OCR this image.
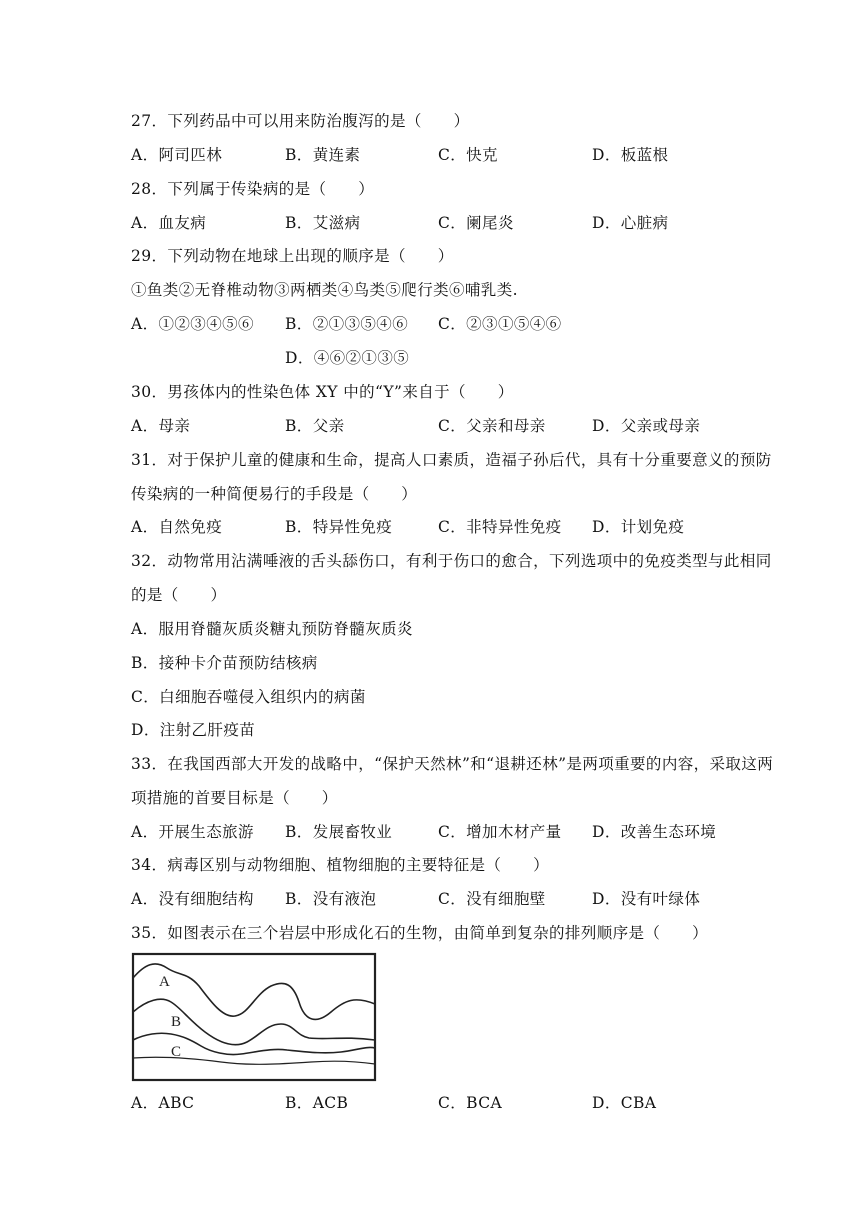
27．下列药品中可以用来防治腹泻的是（　　）
A．阿司匹林	B．黄连素	C．快克	D．板蓝根
28．下列属于传染病的是（　　）
A．血友病	B．艾滋病	C．阑尾炎	D．心脏病
29．下列动物在地球上出现的顺序是（　　）
①鱼类②无脊椎动物③两栖类④鸟类⑤爬行类⑥哺乳类.
A．①②③④⑤⑥ B．②①③⑤④⑥ C．②③①⑤④⑥
D．④⑥②①③⑤
30．男孩体内的性染色体 XY 中的“Y”来自于（　　）
A．母亲	B．父亲	C．父亲和母亲	D．父亲或母亲
31．对于保护儿童的健康和生命，提高人口素质，造福子孙后代，具有十分重要意义的预防
传染病的一种简便易行的手段是（　　）
A．自然免疫	B．特异性免疫	C．非特异性免疫 D．计划免疫
32．动物常用沾满唾液的舌头舔伤口，有利于伤口的愈合，下列选项中的免疫类型与此相同
的是（　　）
A．服用脊髓灰质炎糖丸预防脊髓灰质炎
B．接种卡介苗预防结核病
C．白细胞吞噬侵入组织内的病菌
D．注射乙肝疫苗
33．在我国西部大开发的战略中，“保护天然林”和“退耕还林”是两项重要的内容，采取这两
项措施的首要目标是（　　）
A．开展生态旅游 B．发展畜牧业	C．增加木材产量 D．改善生态环境
34．病毒区别与动物细胞、植物细胞的主要特征是（　　）
A．没有细胞结构 B．没有液泡	C．没有细胞壁	D．没有叶绿体
35．如图表示在三个岩层中形成化石的生物，由简单到复杂的排列顺序是（　　）
A
B
C
A．ABC	B．ACB	C．BCA	D．CBA
